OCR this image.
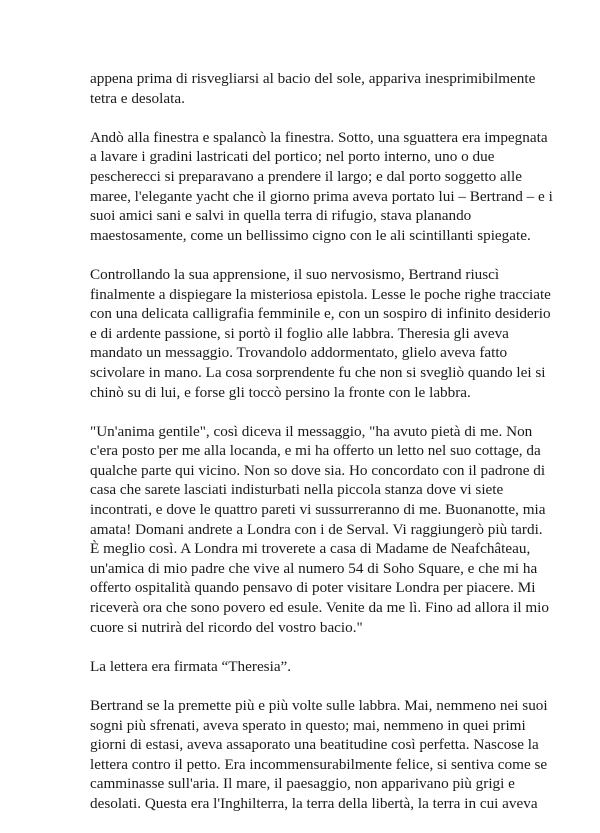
appena prima di risvegliarsi al bacio del sole, appariva inesprimibilmente
tetra e desolata.

Andò alla finestra e spalancò la finestra. Sotto, una sguattera era impegnata
a lavare i gradini lastricati del portico; nel porto interno, uno o due
pescherecci si preparavano a prendere il largo; e dal porto soggetto alle
maree, l'elegante yacht che il giorno prima aveva portato lui – Bertrand – e i
suoi amici sani e salvi in quella terra di rifugio, stava planando
maestosamente, come un bellissimo cigno con le ali scintillanti spiegate.

Controllando la sua apprensione, il suo nervosismo, Bertrand riuscì
finalmente a dispiegare la misteriosa epistola. Lesse le poche righe tracciate
con una delicata calligrafia femminile e, con un sospiro di infinito desiderio
e di ardente passione, si portò il foglio alle labbra. Theresia gli aveva
mandato un messaggio. Trovandolo addormentato, glielo aveva fatto
scivolare in mano. La cosa sorprendente fu che non si svegliò quando lei si
chinò su di lui, e forse gli toccò persino la fronte con le labbra.

"Un'anima gentile", così diceva il messaggio, "ha avuto pietà di me. Non
c'era posto per me alla locanda, e mi ha offerto un letto nel suo cottage, da
qualche parte qui vicino. Non so dove sia. Ho concordato con il padrone di
casa che sarete lasciati indisturbati nella piccola stanza dove vi siete
incontrati, e dove le quattro pareti vi sussurreranno di me. Buonanotte, mia
amata! Domani andrete a Londra con i de Serval. Vi raggiungerò più tardi.
È meglio così. A Londra mi troverete a casa di Madame de Neafchâteau,
un'amica di mio padre che vive al numero 54 di Soho Square, e che mi ha
offerto ospitalità quando pensavo di poter visitare Londra per piacere. Mi
riceverà ora che sono povero ed esule. Venite da me lì. Fino ad allora il mio
cuore si nutrirà del ricordo del vostro bacio."

La lettera era firmata “Theresia”.

Bertrand se la premette più e più volte sulle labbra. Mai, nemmeno nei suoi
sogni più sfrenati, aveva sperato in questo; mai, nemmeno in quei primi
giorni di estasi, aveva assaporato una beatitudine così perfetta. Nascose la
lettera contro il petto. Era incommensurabilmente felice, si sentiva come se
camminasse sull'aria. Il mare, il paesaggio, non apparivano più grigi e
desolati. Questa era l'Inghilterra, la terra della libertà, la terra in cui aveva
